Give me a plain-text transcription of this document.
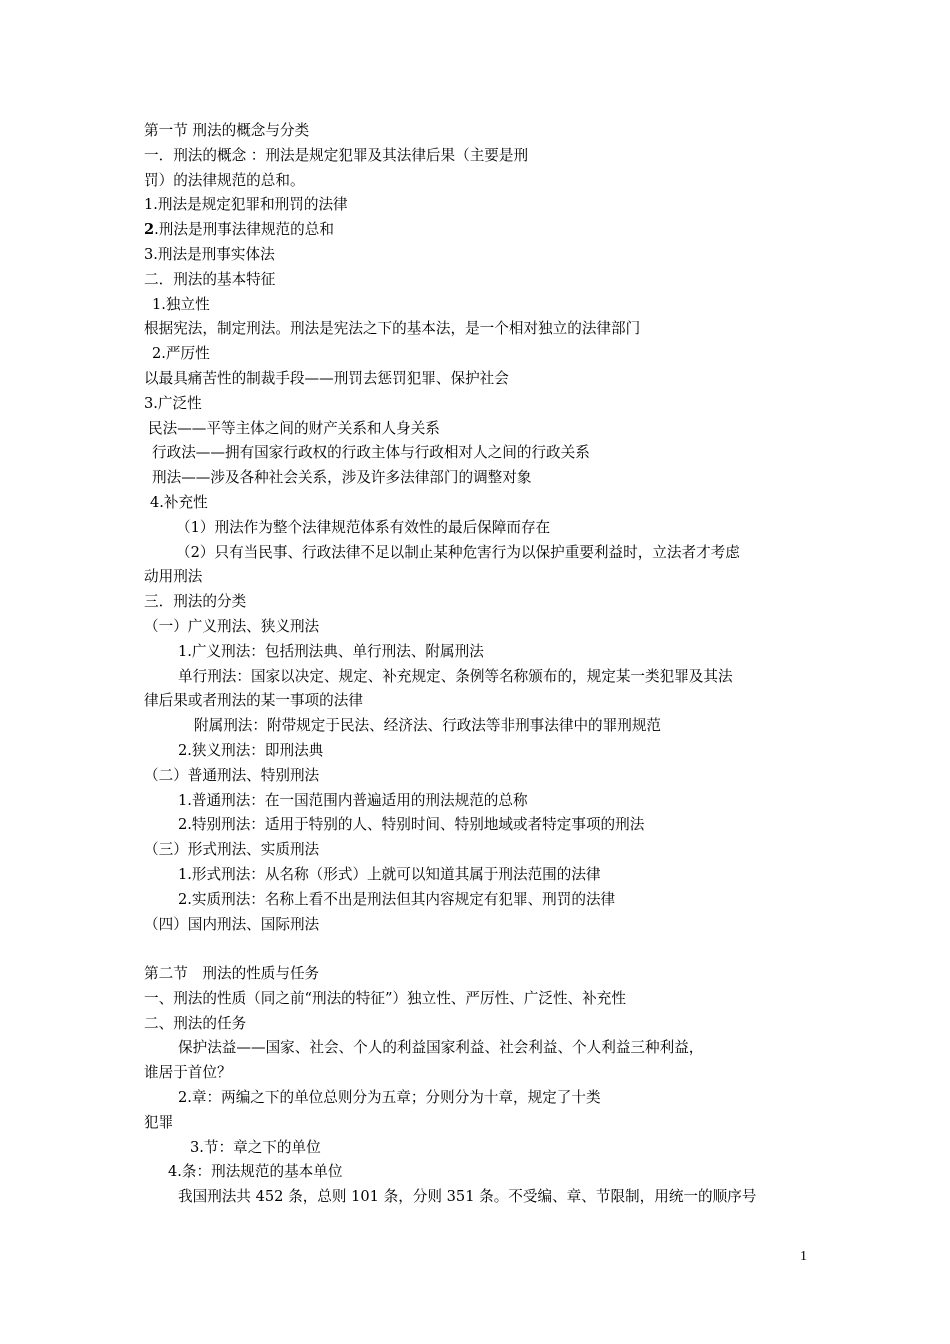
第一节 刑法的概念与分类
一．刑法的概念 ：刑法是规定犯罪及其法律后果（主要是刑
罚）的法律规范的总和。
1.刑法是规定犯罪和刑罚的法律
2.刑法是刑事法律规范的总和
3.刑法是刑事实体法
二．刑法的基本特征
1.独立性
根据宪法，制定刑法。刑法是宪法之下的基本法，是一个相对独立的法律部门
2.严厉性
以最具痛苦性的制裁手段——刑罚去惩罚犯罪、保护社会
3.广泛性
民法——平等主体之间的财产关系和人身关系
行政法——拥有国家行政权的行政主体与行政相对人之间的行政关系
刑法——涉及各种社会关系，涉及许多法律部门的调整对象
4.补充性
（1）刑法作为整个法律规范体系有效性的最后保障而存在
（2）只有当民事、行政法律不足以制止某种危害行为以保护重要利益时，立法者才考虑
动用刑法
三．刑法的分类
（一）广义刑法、狭义刑法
1.广义刑法：包括刑法典、单行刑法、附属刑法
单行刑法：国家以决定、规定、补充规定、条例等名称颁布的，规定某一类犯罪及其法
律后果或者刑法的某一事项的法律
附属刑法：附带规定于民法、经济法、行政法等非刑事法律中的罪刑规范
2.狭义刑法：即刑法典
（二）普通刑法、特别刑法
1.普通刑法：在一国范围内普遍适用的刑法规范的总称
2.特别刑法：适用于特别的人、特别时间、特别地域或者特定事项的刑法
（三）形式刑法、实质刑法
1.形式刑法：从名称（形式）上就可以知道其属于刑法范围的法律
2.实质刑法：名称上看不出是刑法但其内容规定有犯罪、刑罚的法律
（四）国内刑法、国际刑法
第二节　刑法的性质与任务
一、刑法的性质（同之前“刑法的特征”）独立性、严厉性、广泛性、补充性
二、刑法的任务
保护法益——国家、社会、个人的利益国家利益、社会利益、个人利益三种利益，
谁居于首位？
2.章：两编之下的单位总则分为五章；分则分为十章，规定了十类
犯罪
3.节：章之下的单位
4.条：刑法规范的基本单位
我国刑法共 452 条，总则 101 条，分则 351 条。不受编、章、节限制，用统一的顺序号
1
